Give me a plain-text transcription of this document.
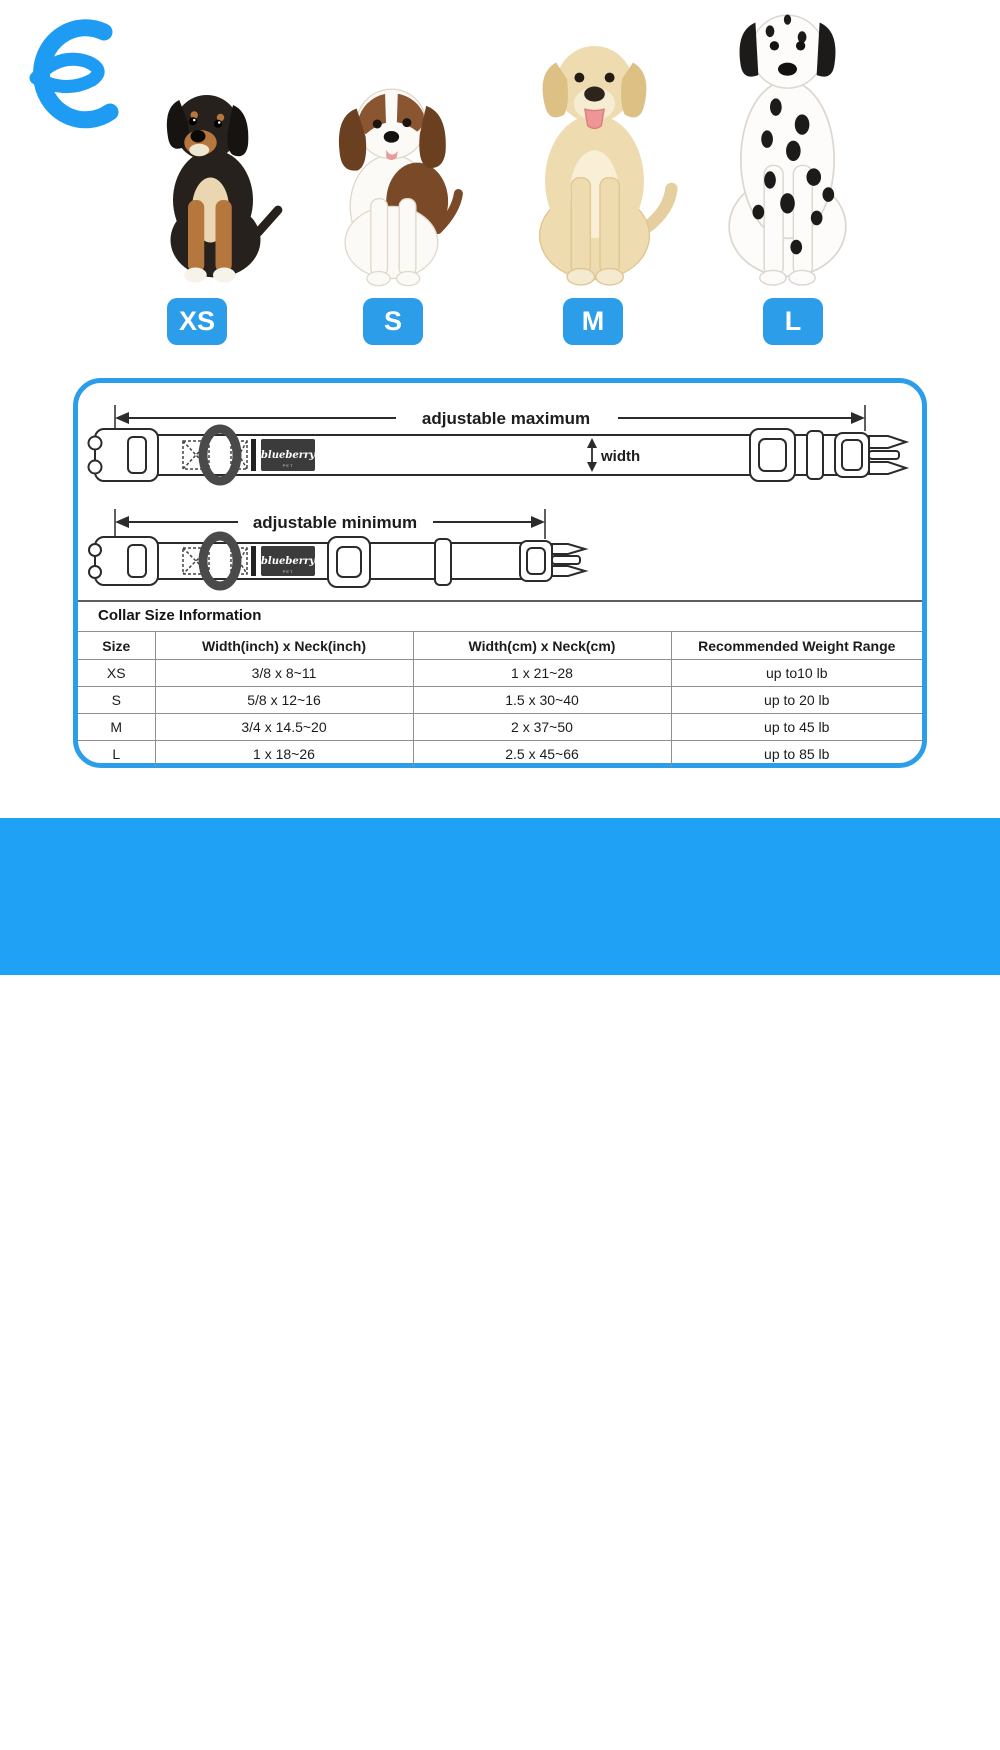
XS	S	M	L
adjustable maximum
blueberry
PET
width
adjustable minimum
blueberry
PET
Collar Size Information
Size	Width(inch) x Neck(inch)	Width(cm) x Neck(cm)	Recommended Weight Range
XS	3/8 x 8~11	1 x 21~28	up to10 lb
S	5/8 x 12~16	1.5 x 30~40	up to 20 lb
M	3/4 x 14.5~20	2 x 37~50	up to 45 lb
L	1 x 18~26	2.5 x 45~66	up to 85 lb
Tips: Measure the circumference of pet's neck. It should be snug
enough to fit 2 fingers between dog's neck and their collar.
